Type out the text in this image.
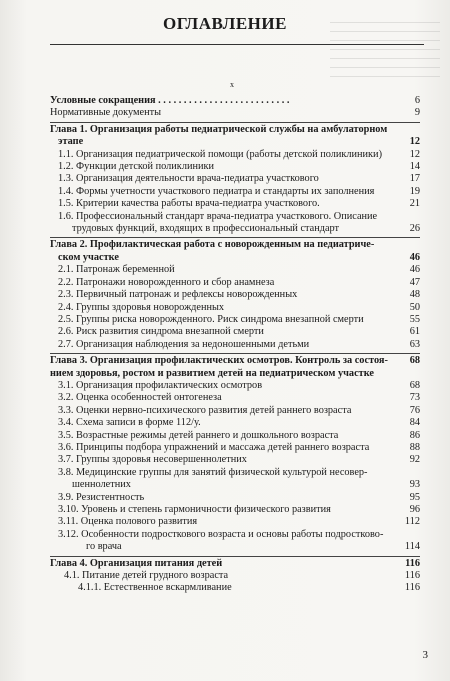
ОГЛАВЛЕНИЕ
x
Условные сокращения . . . . . . . . . . . . . . . . . . . . . . . . . .	6
Нормативные документы	9
Глава 1. Организация работы педиатрической службы на амбулаторном
этапе	12
1.1. Организация педиатрической помощи (работы детской поликлиники)	12
1.2. Функции детской поликлиники	14
1.3. Организация деятельности врача-педиатра участкового	17
1.4. Формы учетности участкового педиатра и стандарты их заполнения	19
1.5. Критерии качества работы врача-педиатра участкового.	21
1.6. Профессиональный стандарт врача-педиатра участкового. Описание
трудовых функций, входящих в профессиональный стандарт	26
Глава 2. Профилактическая работа с новорожденным на педиатриче-
ском участке	46
2.1. Патронаж беременной	46
2.2. Патронажи новорожденного и сбор анамнеза	47
2.3. Первичный патронаж и рефлексы новорожденных	48
2.4. Группы здоровья новорожденных	50
2.5. Группы риска новорожденного. Риск синдрома внезапной смерти	55
2.6. Риск развития синдрома внезапной смерти	61
2.7. Организация наблюдения за недоношенными детьми	63
Глава 3. Организация профилактических осмотров. Контроль за состоя-	68
нием здоровья, ростом и развитием детей на педиатрическом участке
3.1. Организация профилактических осмотров	68
3.2. Оценка особенностей онтогенеза	73
3.3. Оценки нервно-психического развития детей раннего возраста	76
3.4. Схема записи в форме 112/у.	84
3.5. Возрастные режимы детей раннего и дошкольного возраста	86
3.6. Принципы подбора упражнений и массажа детей раннего возраста	88
3.7. Группы здоровья несовершеннолетних	92
3.8. Медицинские группы для занятий физической культурой несовер-
шеннолетних	93
3.9. Резистентность	95
3.10. Уровень и степень гармоничности физического развития	96
3.11. Оценка полового развития	112
3.12. Особенности подросткового возраста и основы работы подростково-
го врача	114
Глава 4. Организация питания детей	116
4.1. Питание детей грудного возраста	116
4.1.1. Естественное вскармливание	116
3
